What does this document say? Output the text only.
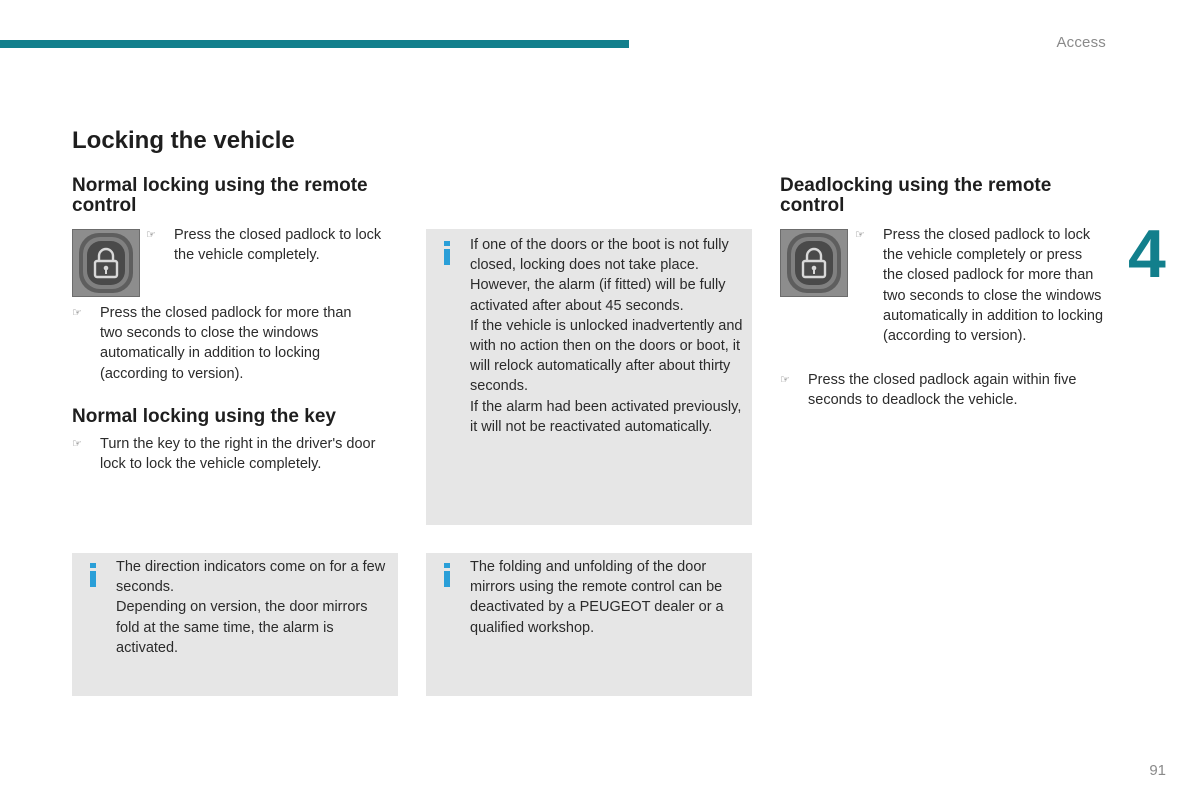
Access
4
Locking the vehicle
Normal locking using the remote control
☞	Press the closed padlock to lock the vehicle completely.
☞	Press the closed padlock for more than two seconds to close the windows automatically in addition to locking (according to version).
Normal locking using the key
☞	Turn the key to the right in the driver's door lock to lock the vehicle completely.

If one of the doors or the boot is not fully closed, locking does not take place.

However, the alarm (if fitted) will be fully activated after about 45 seconds.

If the vehicle is unlocked inadvertently and with no action then on the doors or boot, it will relock automatically after about thirty seconds.

If the alarm had been activated previously, it will not be reactivated automatically.

The direction indicators come on for a few seconds.

Depending on version, the door mirrors fold at the same time, the alarm is activated.

The folding and unfolding of the door mirrors using the remote control can be deactivated by a PEUGEOT dealer or a qualified workshop.

Deadlocking using the remote control
☞	Press the closed padlock to lock the vehicle completely or press the closed padlock for more than two seconds to close the windows automatically in addition to locking (according to version).
☞	Press the closed padlock again within five seconds to deadlock the vehicle.
91
